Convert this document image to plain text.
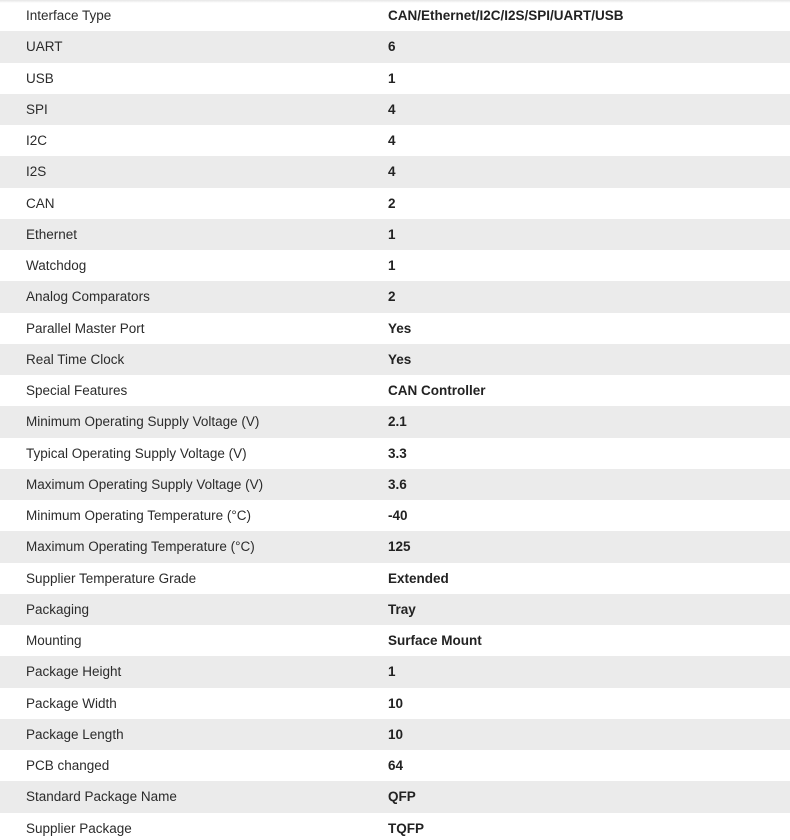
Interface Type	CAN/Ethernet/I2C/I2S/SPI/UART/USB
UART	6
USB	1
SPI	4
I2C	4
I2S	4
CAN	2
Ethernet	1
Watchdog	1
Analog Comparators	2
Parallel Master Port	Yes
Real Time Clock	Yes
Special Features	CAN Controller
Minimum Operating Supply Voltage (V)	2.1
Typical Operating Supply Voltage (V)	3.3
Maximum Operating Supply Voltage (V)	3.6
Minimum Operating Temperature (°C)	-40
Maximum Operating Temperature (°C)	125
Supplier Temperature Grade	Extended
Packaging	Tray
Mounting	Surface Mount
Package Height	1
Package Width	10
Package Length	10
PCB changed	64
Standard Package Name	QFP
Supplier Package	TQFP
